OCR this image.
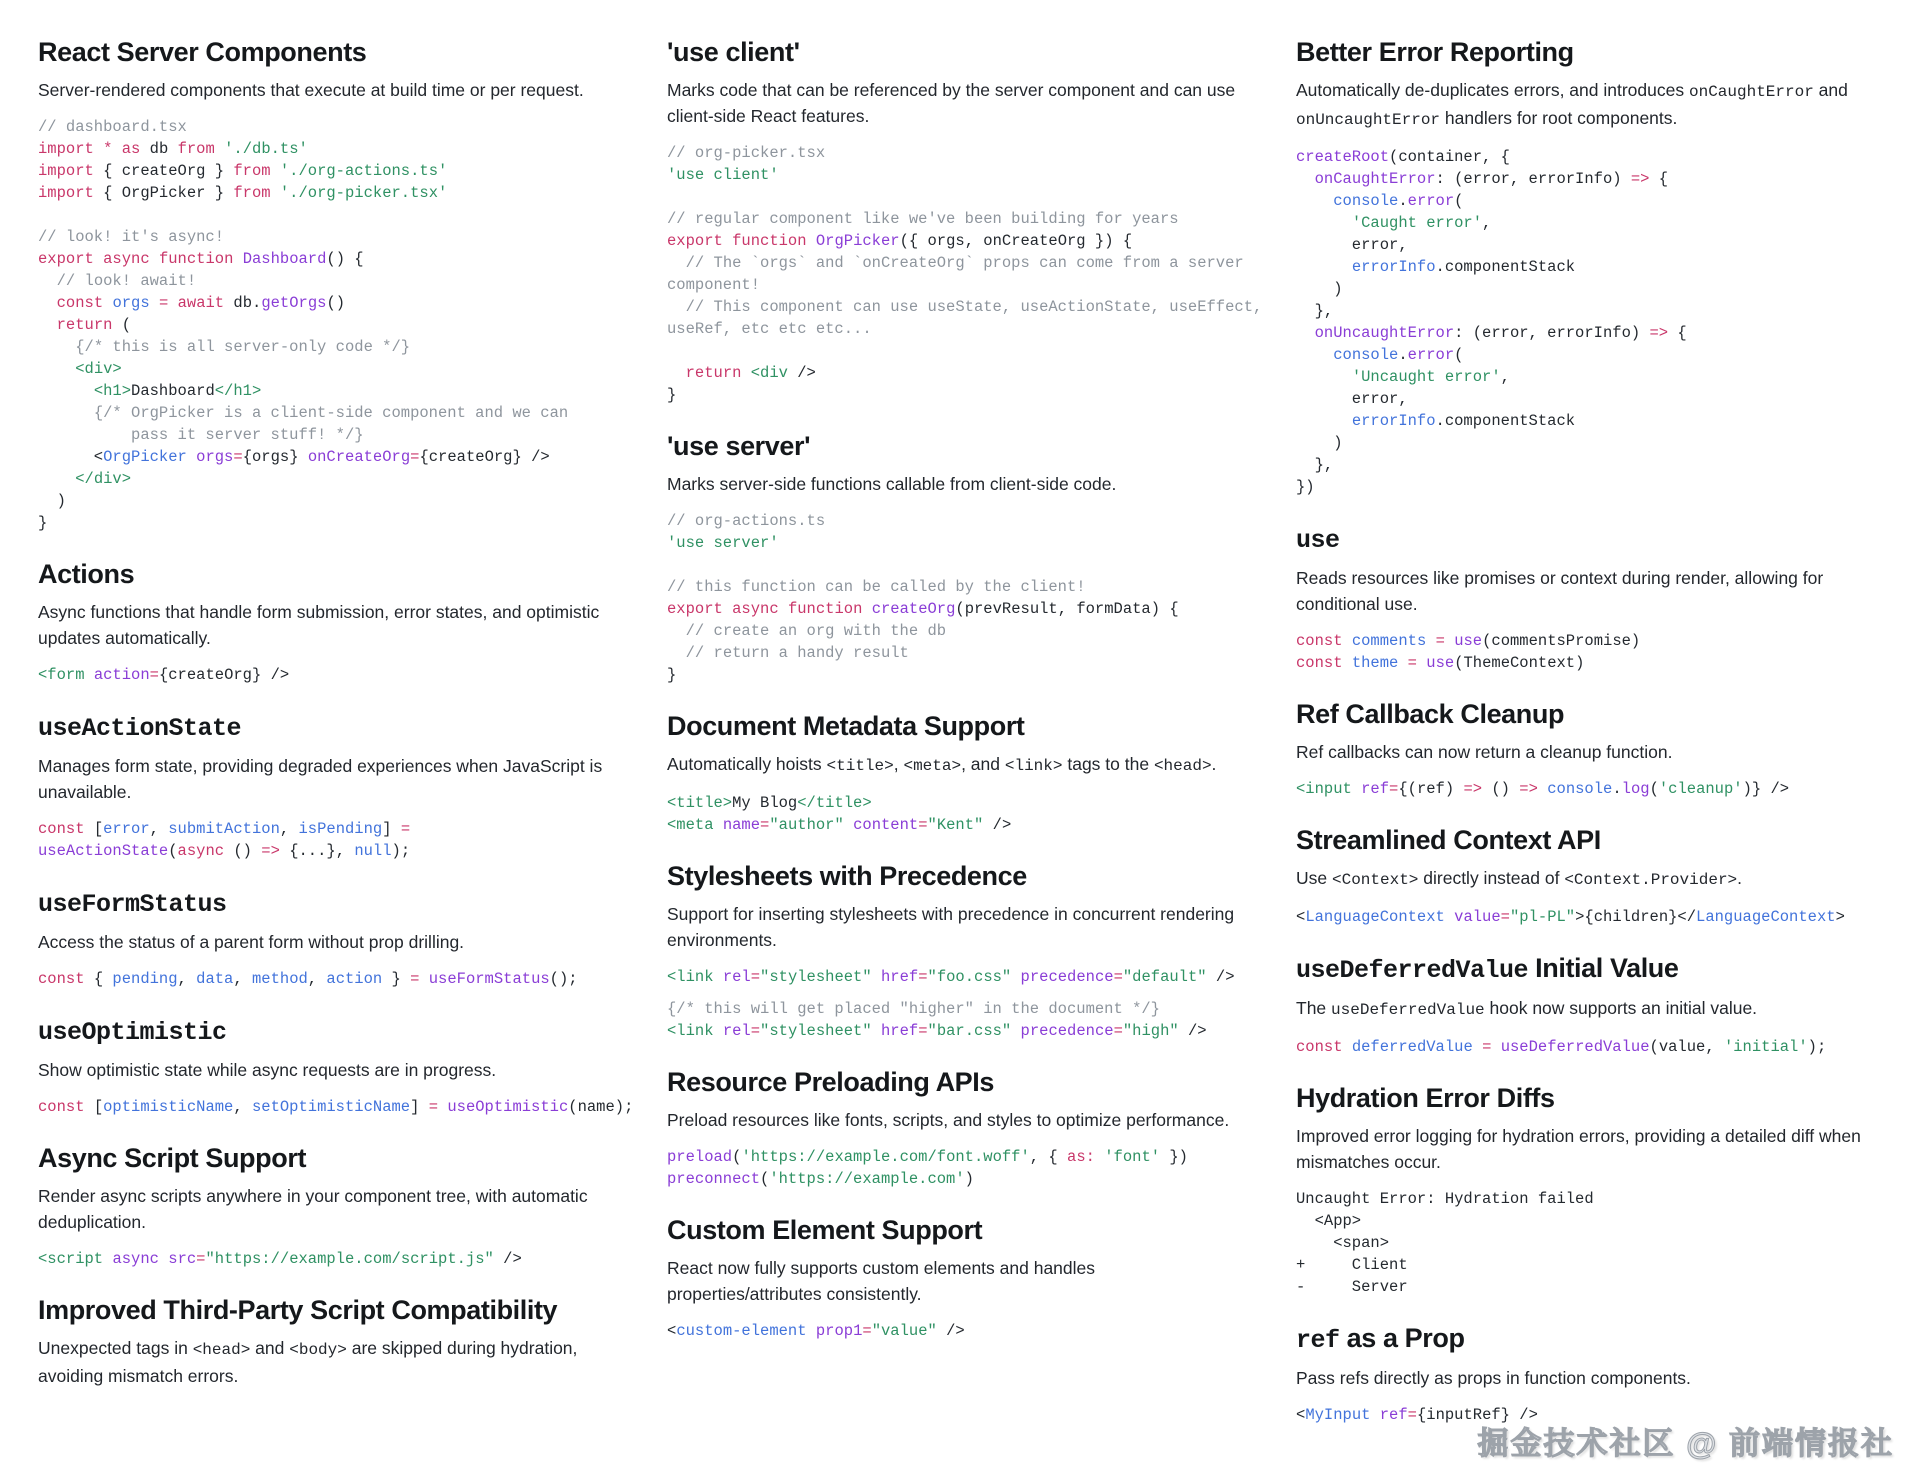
React Server Components

Server-rendered components that execute at build time or per request.

// dashboard.tsx
import * as db from './db.ts'
import { createOrg } from './org-actions.ts'
import { OrgPicker } from './org-picker.tsx'

// look! it's async!
export async function Dashboard() {
// look! await!
const orgs = await db.getOrgs()
return (
{/* this is all server-only code */}
<div>
<h1>Dashboard</h1>
{/* OrgPicker is a client-side component and we can
pass it server stuff! */}
<OrgPicker orgs={orgs} onCreateOrg={createOrg} />
</div>
)
}

Actions

Async functions that handle form submission, error states, and optimistic updates automatically.

<form action={createOrg} />

useActionState

Manages form state, providing degraded experiences when JavaScript is unavailable.

const [error, submitAction, isPending] =
useActionState(async () => {...}, null);

useFormStatus

Access the status of a parent form without prop drilling.

const { pending, data, method, action } = useFormStatus();

useOptimistic

Show optimistic state while async requests are in progress.

const [optimisticName, setOptimisticName] = useOptimistic(name);

Async Script Support

Render async scripts anywhere in your component tree, with automatic deduplication.

<script async src="https://example.com/script.js" />

Improved Third-Party Script Compatibility

Unexpected tags in <head> and <body> are skipped during hydration, avoiding mismatch errors.

'use client'

Marks code that can be referenced by the server component and can use client-side React features.

// org-picker.tsx
'use client'

// regular component like we've been building for years
export function OrgPicker({ orgs, onCreateOrg }) {
// The `orgs` and `onCreateOrg` props can come from a server
component!
// This component can use useState, useActionState, useEffect,
useRef, etc etc etc...

return <div />
}

'use server'

Marks server-side functions callable from client-side code.

// org-actions.ts
'use server'

// this function can be called by the client!
export async function createOrg(prevResult, formData) {
// create an org with the db
// return a handy result
}

Document Metadata Support

Automatically hoists <title>, <meta>, and <link> tags to the <head>.

<title>My Blog</title>
<meta name="author" content="Kent" />

Stylesheets with Precedence

Support for inserting stylesheets with precedence in concurrent rendering environments.

<link rel="stylesheet" href="foo.css" precedence="default" />

{/* this will get placed "higher" in the document */}
<link rel="stylesheet" href="bar.css" precedence="high" />

Resource Preloading APIs

Preload resources like fonts, scripts, and styles to optimize performance.

preload('https://example.com/font.woff', { as: 'font' })
preconnect('https://example.com')

Custom Element Support

React now fully supports custom elements and handles properties/attributes consistently.

<custom-element prop1="value" />

Better Error Reporting

Automatically de-duplicates errors, and introduces onCaughtError and onUncaughtError handlers for root components.

createRoot(container, {
onCaughtError: (error, errorInfo) => {
console.error(
'Caught error',
error,
errorInfo.componentStack
)
},
onUncaughtError: (error, errorInfo) => {
console.error(
'Uncaught error',
error,
errorInfo.componentStack
)
},
})

use

Reads resources like promises or context during render, allowing for conditional use.

const comments = use(commentsPromise)
const theme = use(ThemeContext)

Ref Callback Cleanup

Ref callbacks can now return a cleanup function.

<input ref={(ref) => () => console.log('cleanup')} />

Streamlined Context API

Use <Context> directly instead of <Context.Provider>.

<LanguageContext value="pl-PL">{children}</LanguageContext>

useDeferredValue Initial Value

The useDeferredValue hook now supports an initial value.

const deferredValue = useDeferredValue(value, 'initial');

Hydration Error Diffs

Improved error logging for hydration errors, providing a detailed diff when mismatches occur.

Uncaught Error: Hydration failed
<App>
<span>
+     Client
-     Server

ref as a Prop

Pass refs directly as props in function components.

<MyInput ref={inputRef} />

掘金技术社区 @ 前端情报社
